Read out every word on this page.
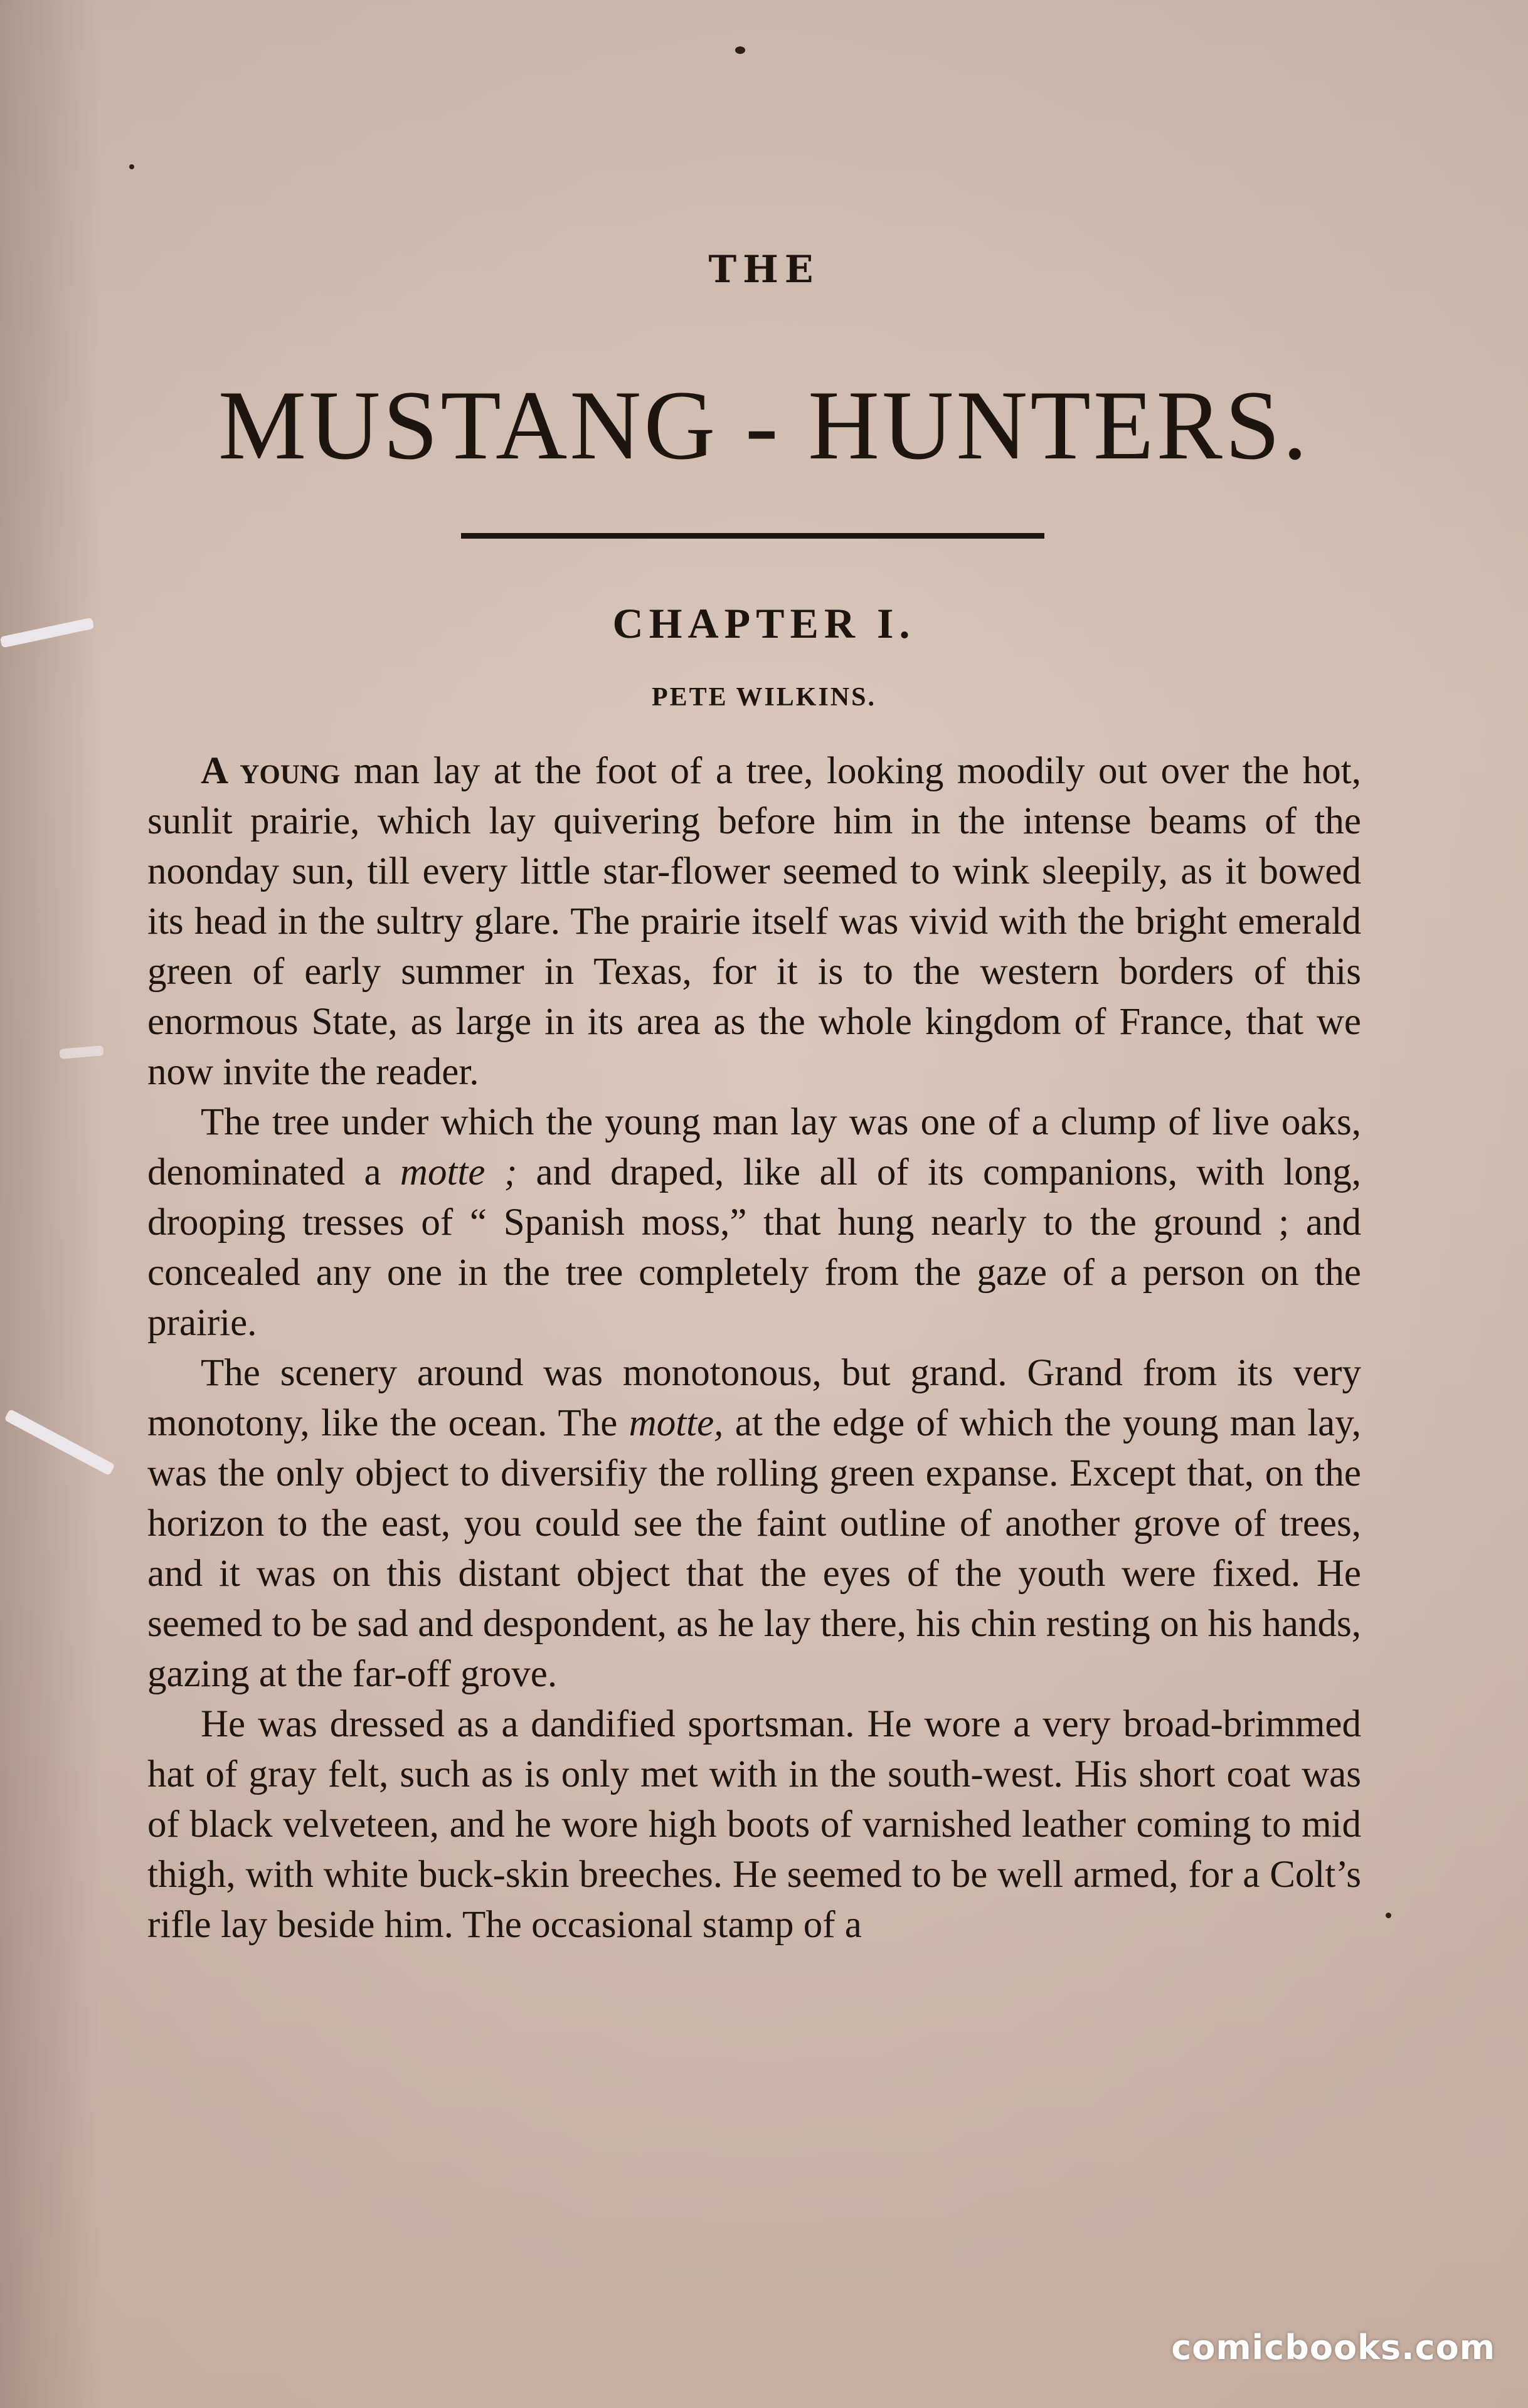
THE
MUSTANG - HUNTERS.
CHAPTER I.
PETE WILKINS.

A young man lay at the foot of a tree, looking moodily out over the hot, sunlit prairie, which lay quivering before him in the intense beams of the noonday sun, till every little star-flower seemed to wink sleepily, as it bowed its head in the sultry glare. The prairie itself was vivid with the bright emerald green of early summer in Texas, for it is to the western borders of this enormous State, as large in its area as the whole kingdom of France, that we now invite the reader.

The tree under which the young man lay was one of a clump of live oaks, denominated a motte ; and draped, like all of its companions, with long, drooping tresses of “ Spanish moss,” that hung nearly to the ground ; and concealed any one in the tree completely from the gaze of a person on the prairie.

The scenery around was monotonous, but grand. Grand from its very monotony, like the ocean. The motte, at the edge of which the young man lay, was the only object to diversifiy the rolling green expanse. Except that, on the horizon to the east, you could see the faint outline of another grove of trees, and it was on this distant object that the eyes of the youth were fixed. He seemed to be sad and despondent, as he lay there, his chin resting on his hands, gazing at the far-off grove.

He was dressed as a dandified sportsman. He wore a very broad-brimmed hat of gray felt, such as is only met with in the south-west. His short coat was of black velveteen, and he wore high boots of varnished leather coming to mid thigh, with white buck-skin breeches. He seemed to be well armed, for a Colt’s rifle lay beside him. The occasional stamp of a

comicbooks.com
